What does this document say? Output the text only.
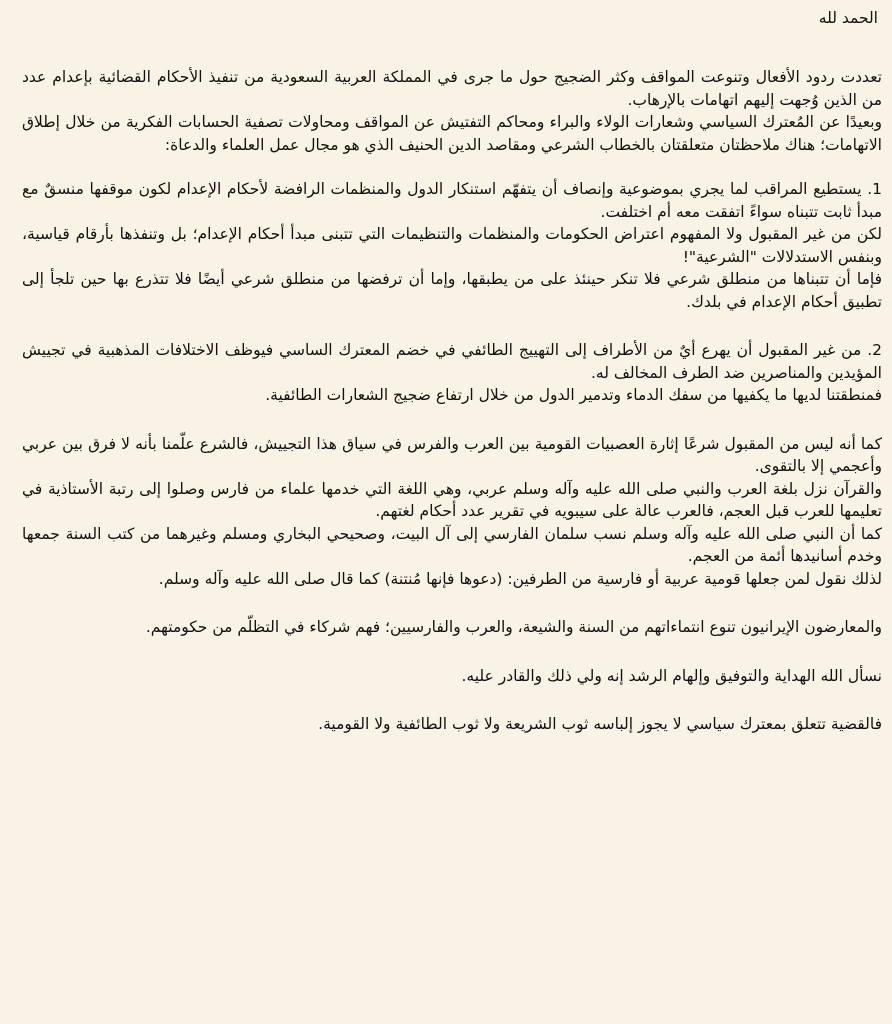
الحمد لله

تعددت ردود الأفعال وتنوعت المواقف وكثر الضجيج حول ما جرى في المملكة العربية السعودية من تنفيذ الأحكام القضائية بإعدام عدد من الذين وُجهت إليهم اتهامات بالإرهاب.

وبعيدًا عن المُعترك السياسي وشعارات الولاء والبراء ومحاكم التفتيش عن المواقف ومحاولات تصفية الحسابات الفكرية من خلال إطلاق الاتهامات؛ هناك ملاحظتان متعلقتان بالخطاب الشرعي ومقاصد الدين الحنيف الذي هو مجال عمل العلماء والدعاة:

1. يستطيع المراقب لما يجري بموضوعية وإنصاف أن يتفهّم استنكار الدول والمنظمات الرافضة لأحكام الإعدام لكون موقفها منسقٌ مع مبدأ ثابت تتبناه سواءً اتفقت معه أم اختلفت.

لكن من غير المقبول ولا المفهوم اعتراض الحكومات والمنظمات والتنظيمات التي تتبنى مبدأ أحكام الإعدام؛ بل وتنفذها بأرقام قياسية، وبنفس الاستدلالات "الشرعية"!

فإما أن تتبناها من منطلق شرعي فلا تنكر حينئذ على من يطبقها، وإما أن ترفضها من منطلق شرعي أيضًا فلا تتذرع بها حين تلجأ إلى تطبيق أحكام الإعدام في بلدك.

2. من غير المقبول أن يهرع أيٌ من الأطراف إلى التهييج الطائفي في خضم المعترك الساسي فيوظف الاختلافات المذهبية في تجييش المؤيدين والمناصرين ضد الطرف المخالف له.

فمنطقتنا لديها ما يكفيها من سفك الدماء وتدمير الدول من خلال ارتفاع ضجيج الشعارات الطائفية.

كما أنه ليس من المقبول شرعًا إثارة العصبيات القومية بين العرب والفرس في سياق هذا التجييش، فالشرع علّمنا بأنه لا فرق بين عربي وأعجمي إلا بالتقوى.

والقرآن نزل بلغة العرب والنبي صلى الله عليه وآله وسلم عربي، وهي اللغة التي خدمها علماء من فارس وصلوا إلى رتبة الأستاذية في تعليمها للعرب قبل العجم، فالعرب عالة على سيبويه في تقرير عدد أحكام لغتهم.

كما أن النبي صلى الله عليه وآله وسلم نسب سلمان الفارسي إلى آل البيت، وصحيحي البخاري ومسلم وغيرهما من كتب السنة جمعها وخدم أسانيدها أئمة من العجم.

لذلك نقول لمن جعلها قومية عربية أو فارسية من الطرفين: (دعوها فإنها مُنتنة) كما قال صلى الله عليه وآله وسلم.

والمعارضون الإيرانيون تنوع انتماءاتهم من السنة والشيعة، والعرب والفارسيين؛ فهم شركاء في التظلّم من حكومتهم.

نسأل الله الهداية والتوفيق وإلهام الرشد إنه ولي ذلك والقادر عليه.

فالقضية تتعلق بمعترك سياسي لا يجوز إلباسه ثوب الشريعة ولا ثوب الطائفية ولا القومية.
